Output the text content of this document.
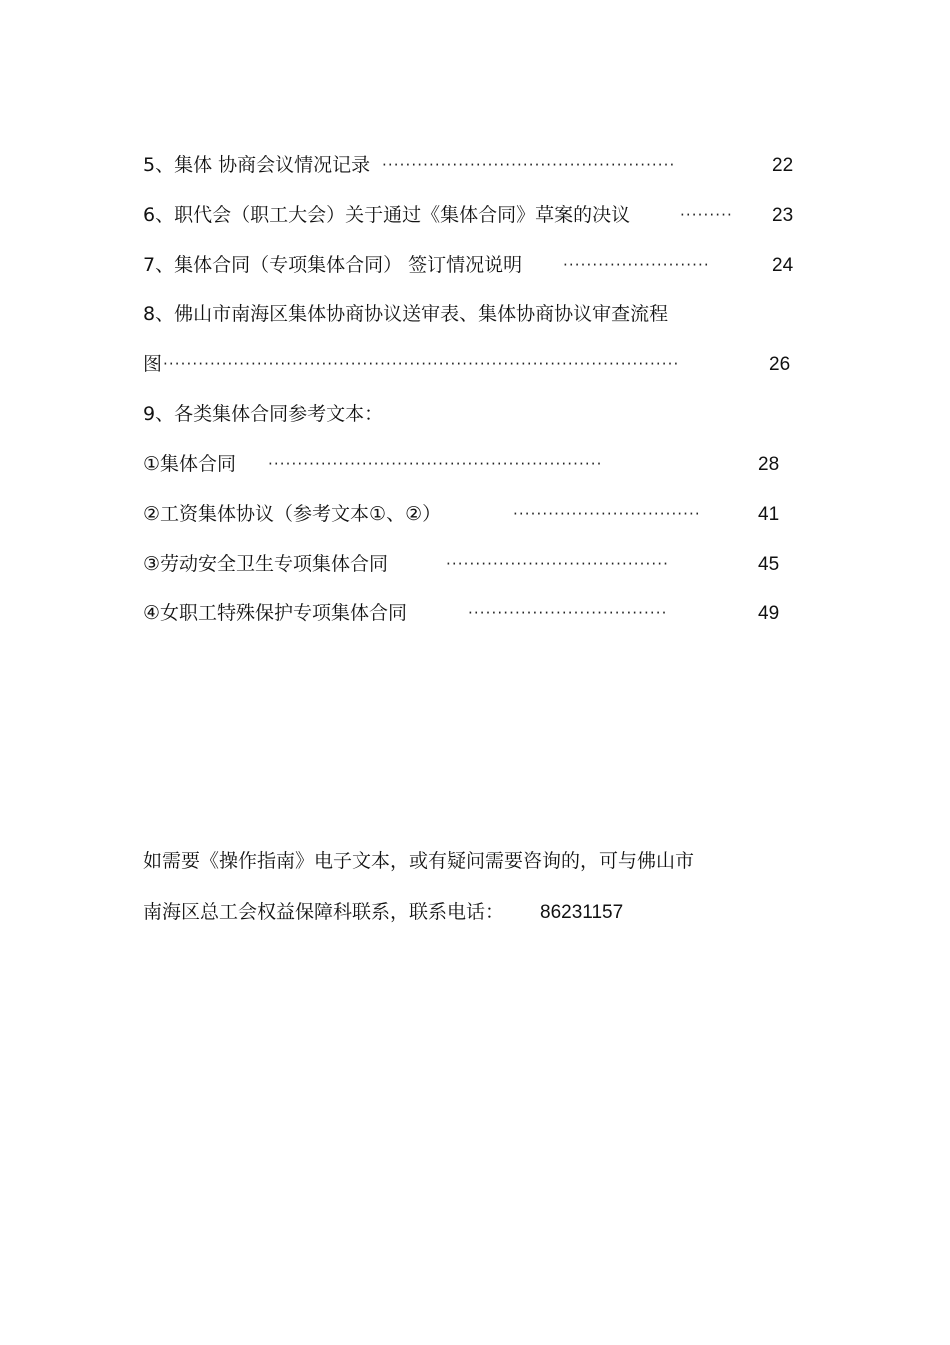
5、集体 协商会议情况记录 ··················································	22
6、职代会（职工大会）关于通过《集体合同》草案的决议	·········	23
7、集体合同（专项集体合同） 签订情况说明	·························	24
8、佛山市南海区集体协商协议送审表、集体协商协议审查流程
图 ························································································	26
9、各类集体合同参考文本：
①集体合同 ·························································	28
②工资集体协议（参考文本①、②）	································	41
③劳动安全卫生专项集体合同	······································	45
④女职工特殊保护专项集体合同	··································	49
如需要《操作指南》电子文本，或有疑问需要咨询的，可与佛山市
南海区总工会权益保障科联系，联系电话： 86231157
